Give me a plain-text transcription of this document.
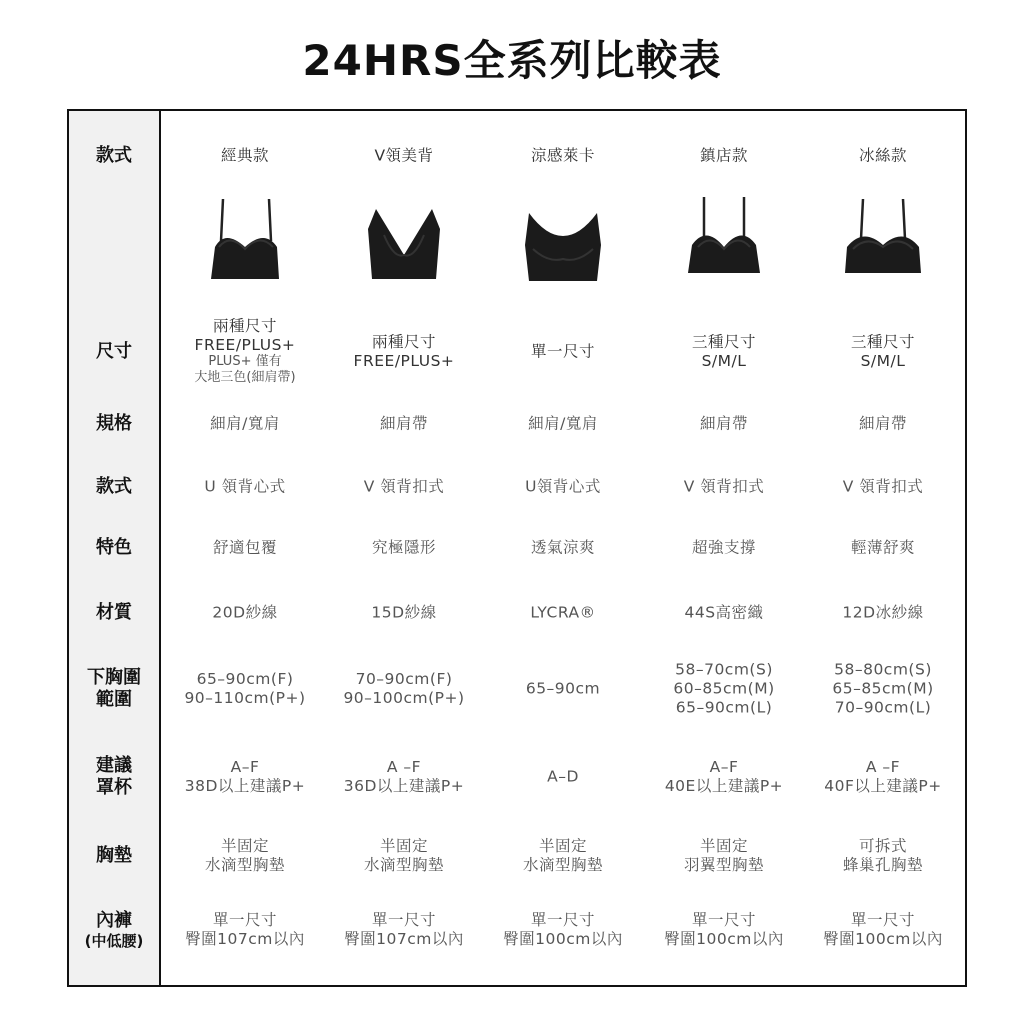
24HRS全系列比較表
款式
尺寸
規格
款式
特色
材質
下胸圍
範圍
建議
罩杯
胸墊

內褲

(中低腰)

經典款
兩種尺寸
FREE/PLUS+
PLUS+ 僅有
大地三色(細肩帶)
細肩/寬肩
U 領背心式
舒適包覆
20D紗線
65–90cm(F)
90–110cm(P+)
A–F
38D以上建議P+
半固定
水滴型胸墊
單一尺寸
臀圍107cm以內
V領美背
兩種尺寸
FREE/PLUS+
細肩帶
V 領背扣式
究極隱形
15D紗線
70–90cm(F)
90–100cm(P+)
A –F
36D以上建議P+
半固定
水滴型胸墊
單一尺寸
臀圍107cm以內
涼感萊卡
單一尺寸
細肩/寬肩
U領背心式
透氣涼爽
LYCRA®
65–90cm
A–D
半固定
水滴型胸墊
單一尺寸
臀圍100cm以內
鎮店款
三種尺寸
S/M/L
細肩帶
V 領背扣式
超強支撐
44S高密織
58–70cm(S)
60–85cm(M)
65–90cm(L)
A–F
40E以上建議P+
半固定
羽翼型胸墊
單一尺寸
臀圍100cm以內
冰絲款
三種尺寸
S/M/L
細肩帶
V 領背扣式
輕薄舒爽
12D冰紗線
58–80cm(S)
65–85cm(M)
70–90cm(L)
A –F
40F以上建議P+
可拆式
蜂巢孔胸墊
單一尺寸
臀圍100cm以內
